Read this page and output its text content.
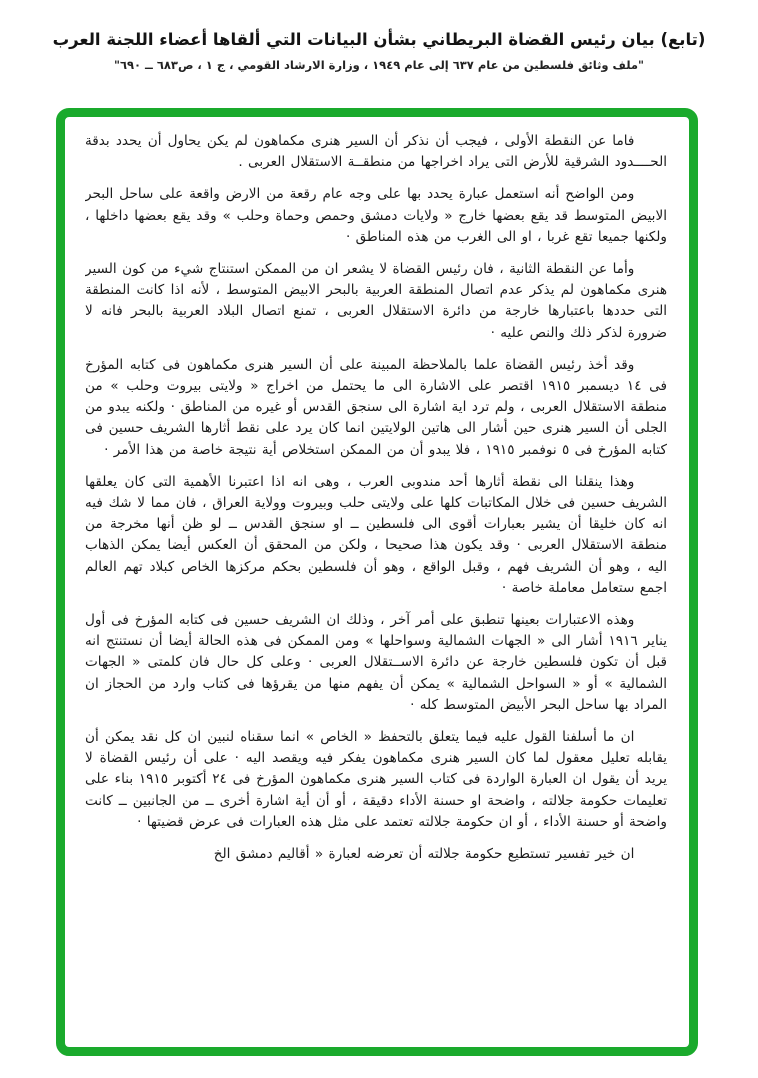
(تابع) بيان رئيس القضاة البريطاني بشأن البيانات التي ألقاها أعضاء اللجنة العرب

"ملف وثائق فلسطين من عام ٦٣٧ إلى عام ١٩٤٩ ، وزارة الارشاد القومي ، ج ١ ، ص٦٨٣ ــ ٦٩٠"

فاما عن النقطة الأولى ، فيجب أن نذكر أن السير هنرى مكماهون لم يكن يحاول أن يحدد بدقة الحــــدود الشرقية للأرض التى يراد اخراجها من منطقــة الاستقلال العربى .

ومن الواضح أنه استعمل عبارة يحدد بها على وجه عام رقعة من الارض واقعة على ساحل البحر الابيض المتوسط قد يقع بعضها خارج « ولايات دمشق وحمص وحماة وحلب » وقد يقع بعضها داخلها ، ولكنها جميعا تقع غربا ، او الى الغرب من هذه المناطق ·

وأما عن النقطة الثانية ، فان رئيس القضاة لا يشعر ان من الممكن استنتاج شيء من كون السير هنرى مكماهون لم يذكر عدم اتصال المنطقة العربية بالبحر الابيض المتوسط ، لأنه اذا كانت المنطقة التى حددها باعتبارها خارجة من دائرة الاستقلال العربى ، تمنع اتصال البلاد العربية بالبحر فانه لا ضرورة لذكر ذلك والنص عليه ·

وقد أخذ رئيس القضاة علما بالملاحظة المبينة على أن السير هنرى مكماهون فى كتابه المؤرخ فى ١٤ ديسمبر ١٩١٥ اقتصر على الاشارة الى ما يحتمل من اخراج « ولايتى بيروت وحلب » من منطقة الاستقلال العربى ، ولم ترد اية اشارة الى سنجق القدس أو غيره من المناطق · ولكنه يبدو من الجلى أن السير هنرى حين أشار الى هاتين الولايتين انما كان يرد على نقط أثارها الشريف حسين فى كتابه المؤرخ فى ٥ نوفمبر ١٩١٥ ، فلا يبدو أن من الممكن استخلاص أية نتيجة خاصة من هذا الأمر ·

وهذا ينقلنا الى نقطة أثارها أحد مندوبى العرب ، وهى انه اذا اعتبرنا الأهمية التى كان يعلقها الشريف حسين فى خلال المكاتبات كلها على ولايتى حلب وبيروت وولاية العراق ، فان مما لا شك فيه انه كان خليقا أن يشير بعبارات أقوى الى فلسطين ــ او سنجق القدس ــ لو ظن أنها مخرجة من منطقة الاستقلال العربى · وقد يكون هذا صحيحا ، ولكن من المحقق أن العكس أيضا يمكن الذهاب اليه ، وهو أن الشريف فهم ، وقبل الواقع ، وهو أن فلسطين بحكم مركزها الخاص كبلاد تهم العالم اجمع ستعامل معاملة خاصة ·

وهذه الاعتبارات بعينها تنطبق على أمر آخر ، وذلك ان الشريف حسين فى كتابه المؤرخ فى أول يناير ١٩١٦ أشار الى « الجهات الشمالية وسواحلها » ومن الممكن فى هذه الحالة أيضا أن نستنتج انه قبل أن تكون فلسطين خارجة عن دائرة الاســتقلال العربى · وعلى كل حال فان كلمتى « الجهات الشمالية » أو « السواحل الشمالية » يمكن أن يفهم منها من يقرؤها فى كتاب وارد من الحجاز ان المراد بها ساحل البحر الأبيض المتوسط كله ·

ان ما أسلفنا القول عليه فيما يتعلق بالتحفظ « الخاص » انما سقناه لنبين ان كل نقد يمكن أن يقابله تعليل معقول لما كان السير هنرى مكماهون يفكر فيه ويقصد اليه · على أن رئيس القضاة لا يريد أن يقول ان العبارة الواردة فى كتاب السير هنرى مكماهون المؤرخ فى ٢٤ أكتوبر ١٩١٥ بناء على تعليمات حكومة جلالته ، واضحة او حسنة الأداء دقيقة ، أو أن أية اشارة أخرى ــ من الجانبين ــ كانت واضحة أو حسنة الأداء ، أو ان حكومة جلالته تعتمد على مثل هذه العبارات فى عرض قضيتها ·

ان خير تفسير تستطيع حكومة جلالته أن تعرضه لعبارة « أقاليم دمشق الخ
